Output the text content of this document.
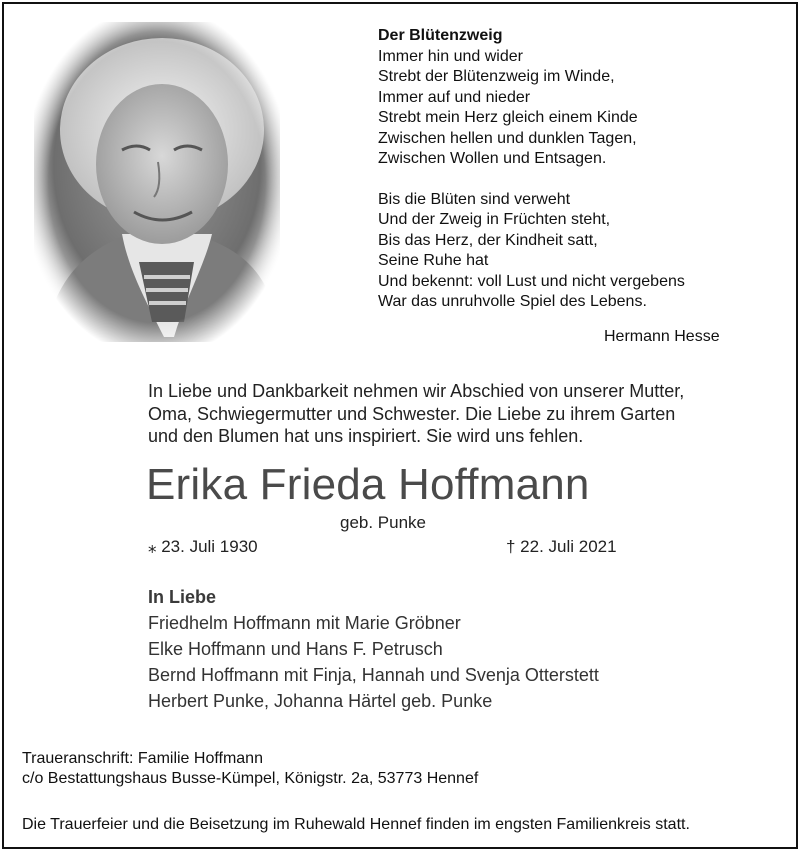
Der Blütenzweig
Immer hin und wider
Strebt der Blütenzweig im Winde,
Immer auf und nieder
Strebt mein Herz gleich einem Kinde
Zwischen hellen und dunklen Tagen,
Zwischen Wollen und Entsagen.
Bis die Blüten sind verweht
Und der Zweig in Früchten steht,
Bis das Herz, der Kindheit satt,
Seine Ruhe hat
Und bekennt: voll Lust und nicht vergebens
War das unruhvolle Spiel des Lebens.
Hermann Hesse
In Liebe und Dankbarkeit nehmen wir Abschied von unserer Mutter,
Oma, Schwiegermutter und Schwester. Die Liebe zu ihrem Garten
und den Blumen hat uns inspiriert. Sie wird uns fehlen.
Erika Frieda Hoffmann
geb. Punke
⁎ 23. Juli 1930	† 22. Juli 2021
In Liebe
Friedhelm Hoffmann mit Marie Gröbner
Elke Hoffmann und Hans F. Petrusch
Bernd Hoffmann mit Finja, Hannah und Svenja Otterstett
Herbert Punke, Johanna Härtel geb. Punke
Traueranschrift: Familie Hoffmann
c/o Bestattungshaus Busse-Kümpel, Königstr. 2a, 53773 Hennef
Die Trauerfeier und die Beisetzung im Ruhewald Hennef finden im engsten Familienkreis statt.
